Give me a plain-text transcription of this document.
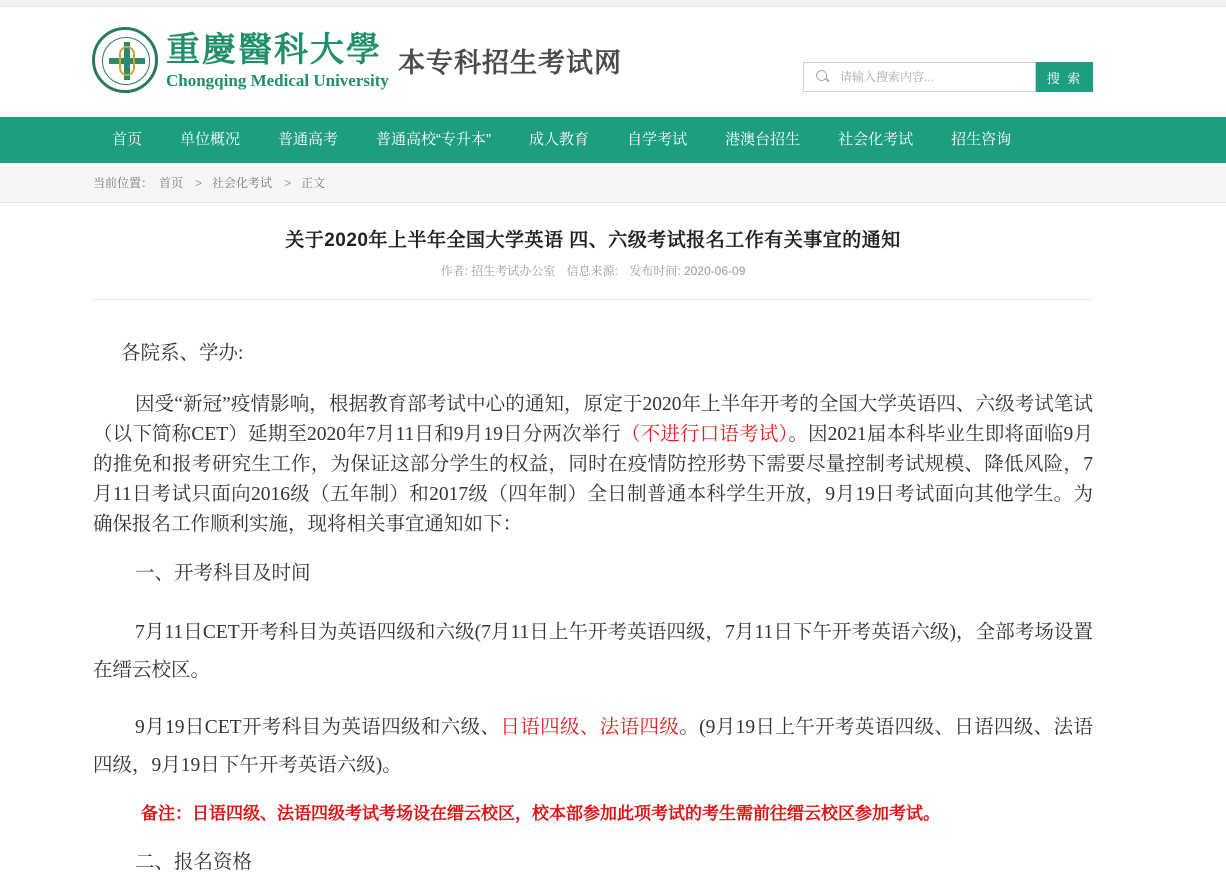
重慶醫科大學
Chongqing Medical University
本专科招生考试网
请输入搜索内容...	搜 索
首页	单位概况	普通高考	普通高校“专升本”	成人教育	自学考试	港澳台招生	社会化考试	招生咨询
当前位置： 首页 > 社会化考试 > 正文
关于2020年上半年全国大学英语 四、六级考试报名工作有关事宜的通知
作者: 招生考试办公室 信息来源: 发布时间: 2020-06-09
各院系、学办:
因受“新冠”疫情影响，根据教育部考试中心的通知，原定于2020年上半年开考的全国大学英语四、六级考试笔试（以下简称CET）延期至2020年7月11日和9月19日分两次举行（不进行口语考试）。因2021届本科毕业生即将面临9月的推免和报考研究生工作，为保证这部分学生的权益，同时在疫情防控形势下需要尽量控制考试规模、降低风险，7月11日考试只面向2016级（五年制）和2017级（四年制）全日制普通本科学生开放，9月19日考试面向其他学生。为确保报名工作顺利实施，现将相关事宜通知如下：
一、开考科目及时间
7月11日CET开考科目为英语四级和六级(7月11日上午开考英语四级，7月11日下午开考英语六级)，全部考场设置在缙云校区。
9月19日CET开考科目为英语四级和六级、日语四级、法语四级。(9月19日上午开考英语四级、日语四级、法语四级，9月19日下午开考英语六级)。
备注：日语四级、法语四级考试考场设在缙云校区，校本部参加此项考试的考生需前往缙云校区参加考试。
二、报名资格
